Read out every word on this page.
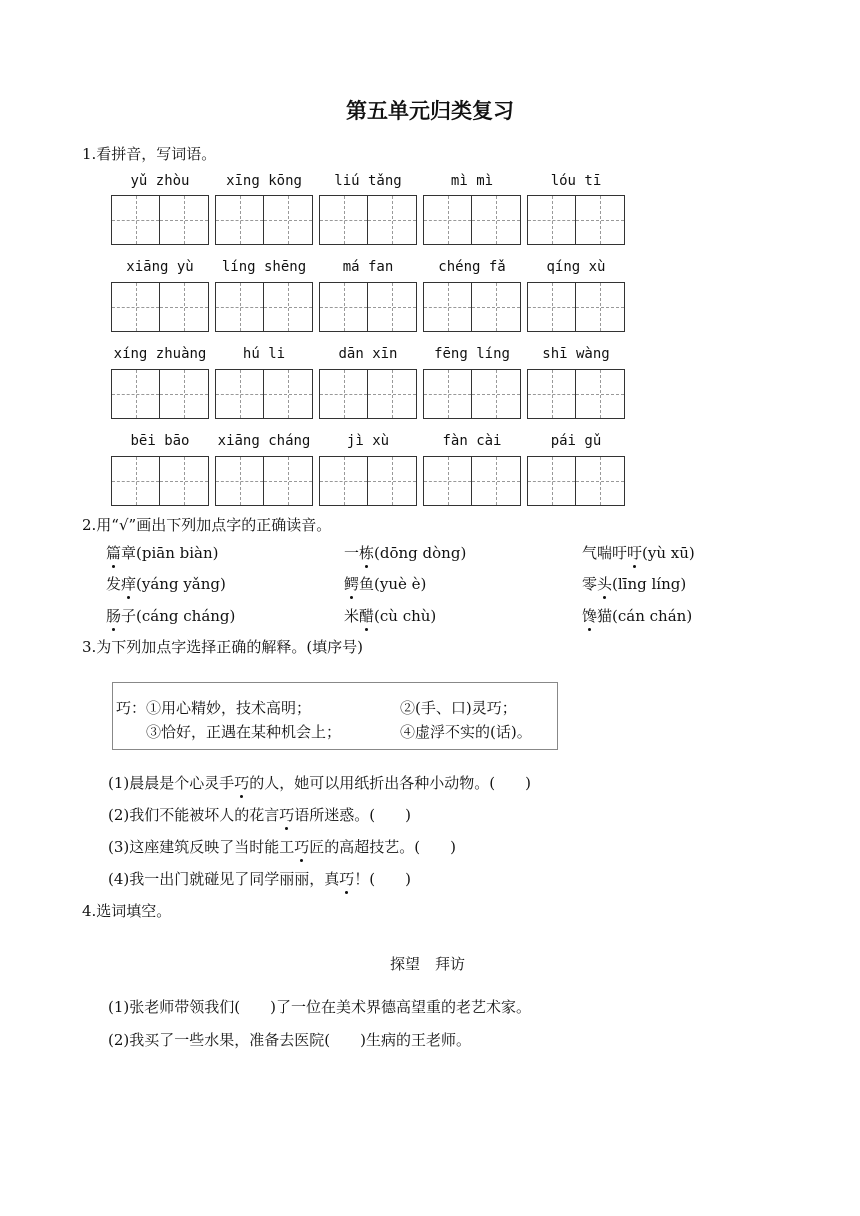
第五单元归类复习
1.看拼音，写词语。
yǔ zhòu	xīng kōng	liú tǎng	mì mì	lóu tī
xiāng yù	líng shēng	má fan	chéng fǎ	qíng xù
xíng zhuàng	hú li	dān xīn	fēng líng	shī wàng
bēi bāo	xiāng cháng	jì xù	fàn cài	pái gǔ
2.用“√”画出下列加点字的正确读音。
篇章(piān biàn)	一栋(dōng dòng)	气喘吁吁(yù xū)
发痒(yáng yǎng)	鳄鱼(yuè è)	零头(līng líng)
肠子(cáng cháng)	米醋(cù chù)	馋猫(cán chán)
3.为下列加点字选择正确的解释。(填序号)
巧： ①用心精妙，技术高明；	②(手、口)灵巧；
③恰好，正遇在某种机会上；	④虚浮不实的(话)。
(1)晨晨是个心灵手巧的人，她可以用纸折出各种小动物。(　　)
(2)我们不能被坏人的花言巧语所迷惑。(　　)
(3)这座建筑反映了当时能工巧匠的高超技艺。(　　)
(4)我一出门就碰见了同学丽丽，真巧！(　　)
4.选词填空。
探望　拜访
(1)张老师带领我们(　　)了一位在美术界德高望重的老艺术家。
(2)我买了一些水果，准备去医院(　　)生病的王老师。
